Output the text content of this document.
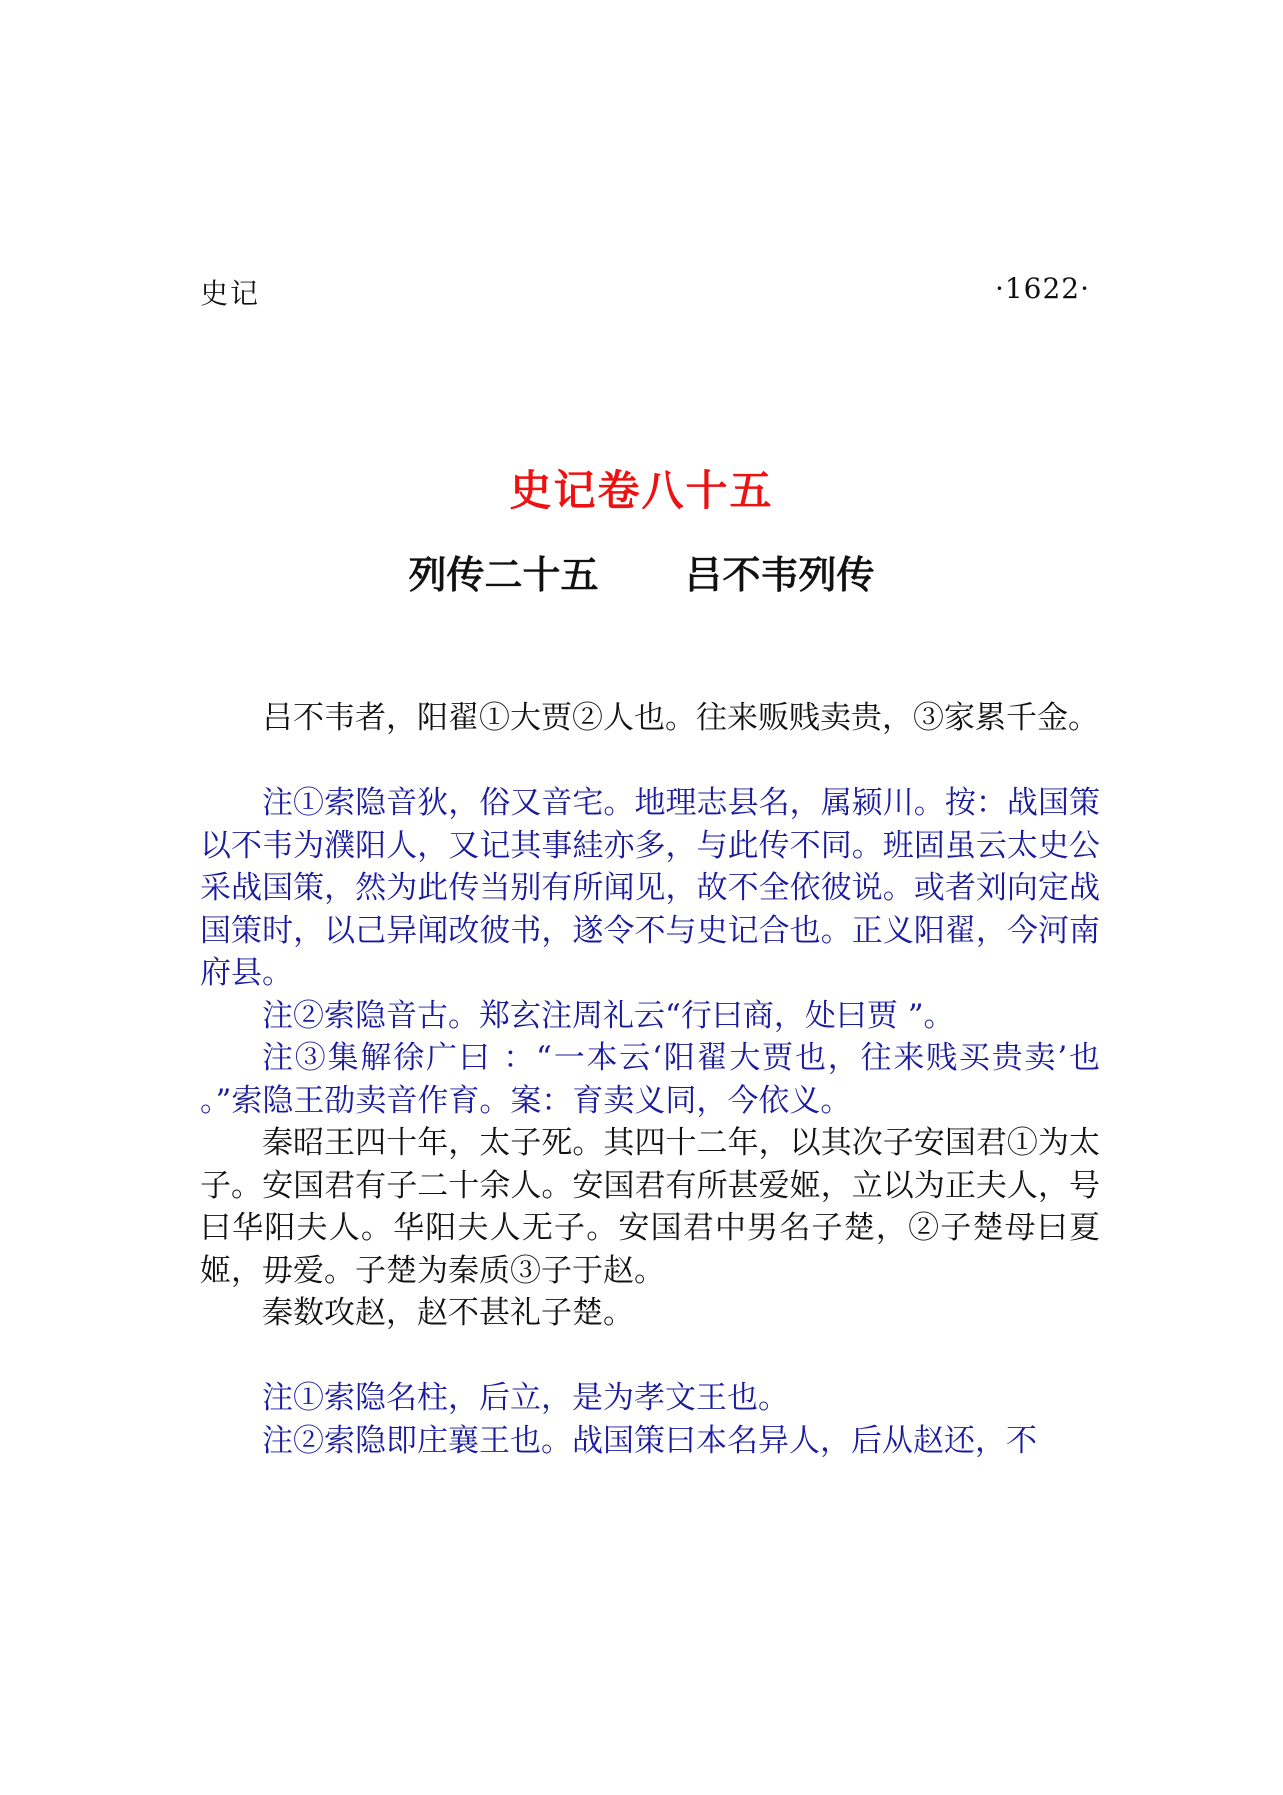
史记	·1622·
史记卷八十五
列传二十五 吕不韦列传

吕不韦者，阳翟①大贾②人也。往来贩贱卖贵，③家累千金。

注①索隐音狄，俗又音宅。地理志县名，属颍川。按：战国策以不韦为濮阳人，又记其事絓亦多，与此传不同。班固虽云太史公采战国策，然为此传当别有所闻见，故不全依彼说。或者刘向定战国策时，以己异闻改彼书，遂令不与史记合也。正义阳翟，今河南府县。

注②索隐音古。郑玄注周礼云“行曰商，处曰贾 ”。

注③集解徐广曰 ：“一本云‘阳翟大贾也，往来贱买贵卖’也 。”索隐王劭卖音作育。案：育卖义同，今依义。

秦昭王四十年，太子死。其四十二年，以其次子安国君①为太子。安国君有子二十余人。安国君有所甚爱姬，立以为正夫人，号曰华阳夫人。华阳夫人无子。安国君中男名子楚，②子楚母曰夏姬，毋爱。子楚为秦质③子于赵。

秦数攻赵，赵不甚礼子楚。

注①索隐名柱，后立，是为孝文王也。

注②索隐即庄襄王也。战国策曰本名异人，后从赵还，不
